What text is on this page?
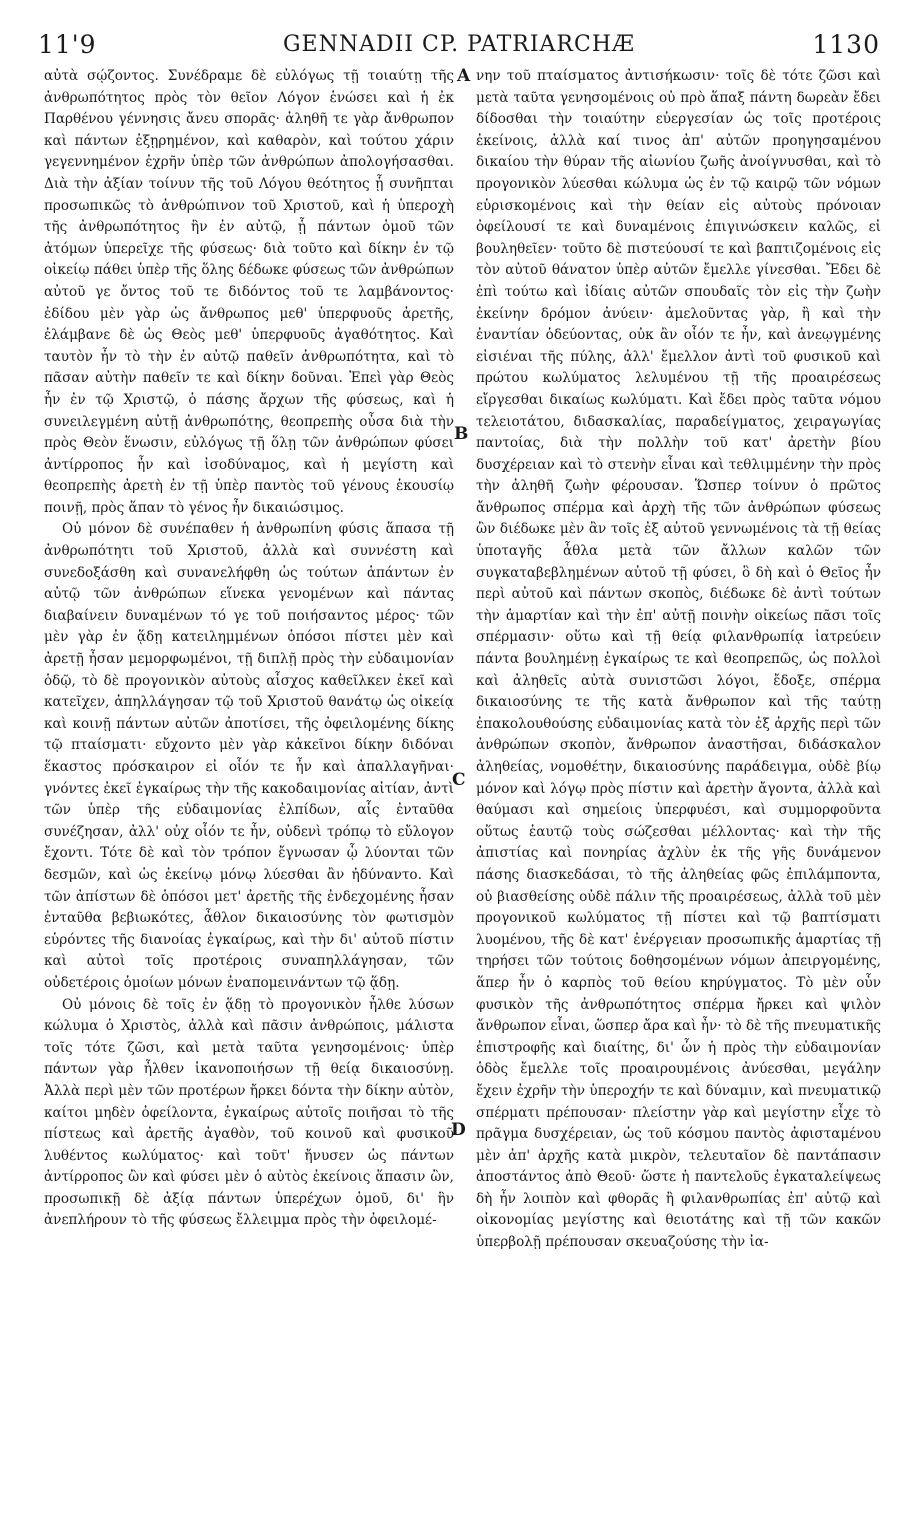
11'9	GENNADII CP. PATRIARCHÆ	1130

αὐτὰ σῴζοντος. Συνέδραμε δὲ εὐλόγως τῇ τοιαύτῃ τῆς ἀνθρωπότητος πρὸς τὸν θεῖον Λόγον ἑνώσει καὶ ἡ ἐκ Παρθένου γέννησις ἄνευ σπορᾶς· ἀληθῆ τε γὰρ ἄνθρωπον καὶ πάντων ἐξῃρημένον, καὶ καθαρὸν, καὶ τούτου χάριν γεγεννημένον ἐχρῆν ὑπὲρ τῶν ἀνθρώπων ἀπολογήσασθαι. Διὰ τὴν ἀξίαν τοίνυν τῆς τοῦ Λόγου θεότητος ᾗ συνῆπται προσωπικῶς τὸ ἀνθρώπινον τοῦ Χριστοῦ, καὶ ἡ ὑπεροχὴ τῆς ἀνθρωπότητος ἣν ἐν αὐτῷ, ᾗ πάντων ὁμοῦ τῶν ἀτόμων ὑπερεῖχε τῆς φύσεως· διὰ τοῦτο καὶ δίκην ἐν τῷ οἰκείῳ πάθει ὑπὲρ τῆς ὅλης δέδωκε φύσεως τῶν ἀνθρώπων αὐτοῦ γε ὄντος τοῦ τε διδόντος τοῦ τε λαμβάνοντος· ἐδίδου μὲν γὰρ ὡς ἄνθρωπος μεθ' ὑπερφυοῦς ἀρετῆς, ἐλάμβανε δὲ ὡς Θεὸς μεθ' ὑπερφυοῦς ἀγαθότητος. Καὶ ταυτὸν ἦν τὸ τὴν ἐν αὐτῷ παθεῖν ἀνθρωπότητα, καὶ τὸ πᾶσαν αὐτὴν παθεῖν τε καὶ δίκην δοῦναι. Ἐπεὶ γὰρ Θεὸς ἦν ἐν τῷ Χριστῷ, ὁ πάσης ἄρχων τῆς φύσεως, καὶ ἡ συνειλεγμένη αὐτῇ ἀνθρωπότης, θεοπρεπὴς οὖσα διὰ τὴν πρὸς Θεὸν ἕνωσιν, εὐλόγως τῇ ὅλῃ τῶν ἀνθρώπων φύσει ἀντίρροπος ἦν καὶ ἰσοδύναμος, καὶ ἡ μεγίστη καὶ θεοπρεπὴς ἀρετὴ ἐν τῇ ὑπὲρ παντὸς τοῦ γένους ἑκουσίῳ ποινῇ, πρὸς ἅπαν τὸ γένος ἦν δικαιώσιμος.

Οὐ μόνον δὲ συνέπαθεν ἡ ἀνθρωπίνη φύσις ἅπασα τῇ ἀνθρωπότητι τοῦ Χριστοῦ, ἀλλὰ καὶ συννέστη καὶ συνεδοξάσθη καὶ συνανελήφθη ὡς τούτων ἁπάντων ἐν αὐτῷ τῶν ἀνθρώπων εἵνεκα γενομένων καὶ πάντας διαβαίνειν δυναμένων τό γε τοῦ ποιήσαντος μέρος· τῶν μὲν γὰρ ἐν ᾅδῃ κατειλημμένων ὁπόσοι πίστει μὲν καὶ ἀρετῇ ἦσαν μεμορφωμένοι, τῇ διπλῇ πρὸς τὴν εὐδαιμονίαν ὁδῷ, τὸ δὲ προγονικὸν αὐτοὺς αἶσχος καθεῖλκεν ἐκεῖ καὶ κατεῖχεν, ἀπηλλάγησαν τῷ τοῦ Χριστοῦ θανάτῳ ὡς οἰκείᾳ καὶ κοινῇ πάντων αὐτῶν ἀποτίσει, τῆς ὀφειλομένης δίκης τῷ πταίσματι· εὔχοντο μὲν γὰρ κἀκεῖνοι δίκην διδόναι ἕκαστος πρόσκαιρον εἰ οἷόν τε ἦν καὶ ἀπαλλαγῆναι· γνόντες ἐκεῖ ἐγκαίρως τὴν τῆς κακοδαιμονίας αἰτίαν, ἀντὶ τῶν ὑπὲρ τῆς εὐδαιμονίας ἐλπίδων, αἷς ἐνταῦθα συνέζησαν, ἀλλ' οὐχ οἷόν τε ἦν, οὐδενὶ τρόπῳ τὸ εὔλογον ἔχοντι. Τότε δὲ καὶ τὸν τρόπον ἔγνωσαν ᾧ λύονται τῶν δεσμῶν, καὶ ὡς ἐκείνῳ μόνῳ λύεσθαι ἂν ἠδύναντο. Καὶ τῶν ἀπίστων δὲ ὁπόσοι μετ' ἀρετῆς τῆς ἐνδεχομένης ἦσαν ἐνταῦθα βεβιωκότες, ἆθλον δικαιοσύνης τὸν φωτισμὸν εὑρόντες τῆς διανοίας ἐγκαίρως, καὶ τὴν δι' αὐτοῦ πίστιν καὶ αὐτοὶ τοῖς προτέροις συναπηλλάγησαν, τῶν οὐδετέροις ὁμοίων μόνων ἐναπομεινάντων τῷ ᾅδῃ.

Οὐ μόνοις δὲ τοῖς ἐν ᾅδῃ τὸ προγονικὸν ἦλθε λύσων κώλυμα ὁ Χριστὸς, ἀλλὰ καὶ πᾶσιν ἀνθρώποις, μάλιστα τοῖς τότε ζῶσι, καὶ μετὰ ταῦτα γενησομένοις· ὑπὲρ πάντων γὰρ ἦλθεν ἱκανοποιήσων τῇ θείᾳ δικαιοσύνῃ. Ἀλλὰ περὶ μὲν τῶν προτέρων ἤρκει δόντα τὴν δίκην αὐτὸν, καίτοι μηδὲν ὀφείλοντα, ἐγκαίρως αὐτοῖς ποιῆσαι τὸ τῆς πίστεως καὶ ἀρετῆς ἀγαθὸν, τοῦ κοινοῦ καὶ φυσικοῦ λυθέντος κωλύματος· καὶ τοῦτ' ἤνυσεν ὡς πάντων ἀντίρροπος ὢν καὶ φύσει μὲν ὁ αὐτὸς ἐκείνοις ἅπασιν ὢν, προσωπικῇ δὲ ἀξίᾳ πάντων ὑπερέχων ὁμοῦ, δι' ἣν ἀνεπλήρουν τὸ τῆς φύσεως ἔλλειμμα πρὸς τὴν ὀφειλομέ-

A
B
C
D

νην τοῦ πταίσματος ἀντισήκωσιν· τοῖς δὲ τότε ζῶσι καὶ μετὰ ταῦτα γενησομένοις οὐ πρὸ ἅπαξ πάντη δωρεὰν ἔδει δίδοσθαι τὴν τοιαύτην εὐεργεσίαν ὡς τοῖς προτέροις ἐκείνοις, ἀλλὰ καί τινος ἀπ' αὐτῶν προηγησαμένου δικαίου τὴν θύραν τῆς αἰωνίου ζωῆς ἀνοίγνυσθαι, καὶ τὸ προγονικὸν λύεσθαι κώλυμα ὡς ἐν τῷ καιρῷ τῶν νόμων εὑρισκομένοις καὶ τὴν θείαν εἰς αὐτοὺς πρόνοιαν ὀφείλουσί τε καὶ δυναμένοις ἐπιγινώσκειν καλῶς, εἰ βουληθεῖεν· τοῦτο δὲ πιστεύουσί τε καὶ βαπτιζομένοις εἰς τὸν αὐτοῦ θάνατον ὑπὲρ αὐτῶν ἔμελλε γίνεσθαι. Ἔδει δὲ ἐπὶ τούτω καὶ ἰδίαις αὐτῶν σπουδαῖς τὸν εἰς τὴν ζωὴν ἐκείνην δρόμον ἀνύειν· ἀμελοῦντας γὰρ, ἢ καὶ τὴν ἐναντίαν ὁδεύοντας, οὐκ ἂν οἷόν τε ἦν, καὶ ἀνεῳγμένης εἰσιέναι τῆς πύλης, ἀλλ' ἔμελλον ἀντὶ τοῦ φυσικοῦ καὶ πρώτου κωλύματος λελυμένου τῇ τῆς προαιρέσεως εἴργεσθαι δικαίως κωλύματι. Καὶ ἔδει πρὸς ταῦτα νόμου τελειοτάτου, διδασκαλίας, παραδείγματος, χειραγωγίας παντοίας, διὰ τὴν πολλὴν τοῦ κατ' ἀρετὴν βίου δυσχέρειαν καὶ τὸ στενὴν εἶναι καὶ τεθλιμμένην τὴν πρὸς τὴν ἀληθῆ ζωὴν φέρουσαν. Ὥσπερ τοίνυν ὁ πρῶτος ἄνθρωπος σπέρμα καὶ ἀρχὴ τῆς τῶν ἀνθρώπων φύσεως ὢν διέδωκε μὲν ἂν τοῖς ἐξ αὐτοῦ γεννωμένοις τὰ τῇ θείας ὑποταγῆς ἆθλα μετὰ τῶν ἄλλων καλῶν τῶν συγκαταβεβλημένων αὐτοῦ τῇ φύσει, ὃ δὴ καὶ ὁ Θεῖος ἦν περὶ αὐτοῦ καὶ πάντων σκοπὸς, διέδωκε δὲ ἀντὶ τούτων τὴν ἁμαρτίαν καὶ τὴν ἐπ' αὐτῇ ποινὴν οἰκείως πᾶσι τοῖς σπέρμασιν· οὕτω καὶ τῇ θείᾳ φιλανθρωπίᾳ ἰατρεύειν πάντα βουλημένῃ ἐγκαίρως τε καὶ θεοπρεπῶς, ὡς πολλοὶ καὶ ἀληθεῖς αὐτὰ συνιστῶσι λόγοι, ἔδοξε, σπέρμα δικαιοσύνης τε τῆς κατὰ ἄνθρωπον καὶ τῆς ταύτῃ ἐπακολουθούσης εὐδαιμονίας κατὰ τὸν ἐξ ἀρχῆς περὶ τῶν ἀνθρώπων σκοπὸν, ἄνθρωπον ἀναστῆσαι, διδάσκαλον ἀληθείας, νομοθέτην, δικαιοσύνης παράδειγμα, οὐδὲ βίῳ μόνον καὶ λόγῳ πρὸς πίστιν καὶ ἀρετὴν ἄγοντα, ἀλλὰ καὶ θαύμασι καὶ σημείοις ὑπερφυέσι, καὶ συμμορφοῦντα οὕτως ἑαυτῷ τοὺς σώζεσθαι μέλλοντας· καὶ τὴν τῆς ἀπιστίας καὶ πονηρίας ἀχλὺν ἐκ τῆς γῆς δυνάμενον πάσης διασκεδάσαι, τὸ τῆς ἀληθείας φῶς ἐπιλάμποντα, οὐ βιασθείσης οὐδὲ πάλιν τῆς προαιρέσεως, ἀλλὰ τοῦ μὲν προγονικοῦ κωλύματος τῇ πίστει καὶ τῷ βαπτίσματι λυομένου, τῆς δὲ κατ' ἐνέργειαν προσωπικῆς ἁμαρτίας τῇ τηρήσει τῶν τούτοις δοθησομένων νόμων ἀπειργομένης, ἅπερ ἦν ὁ καρπὸς τοῦ θείου κηρύγματος. Τὸ μὲν οὖν φυσικὸν τῆς ἀνθρωπότητος σπέρμα ἤρκει καὶ ψιλὸν ἄνθρωπον εἶναι, ὥσπερ ἄρα καὶ ἦν· τὸ δὲ τῆς πνευματικῆς ἐπιστροφῆς καὶ διαίτης, δι' ὧν ἡ πρὸς τὴν εὐδαιμονίαν ὁδὸς ἔμελλε τοῖς προαιρουμένοις ἀνύεσθαι, μεγάλην ἔχειν ἐχρῆν τὴν ὑπεροχήν τε καὶ δύναμιν, καὶ πνευματικῷ σπέρματι πρέπουσαν· πλείστην γὰρ καὶ μεγίστην εἶχε τὸ πρᾶγμα δυσχέρειαν, ὡς τοῦ κόσμου παντὸς ἀφισταμένου μὲν ἀπ' ἀρχῆς κατὰ μικρὸν, τελευταῖον δὲ παντάπασιν ἀποστάντος ἀπὸ Θεοῦ· ὥστε ἡ παντελοῦς ἐγκαταλείψεως δὴ ἦν λοιπὸν καὶ φθορᾶς ἢ φιλανθρωπίας ἐπ' αὐτῷ καὶ οἰκονομίας μεγίστης καὶ θειοτάτης καὶ τῇ τῶν κακῶν ὑπερβολῇ πρέπουσαν σκευαζούσης τὴν ἰα-
